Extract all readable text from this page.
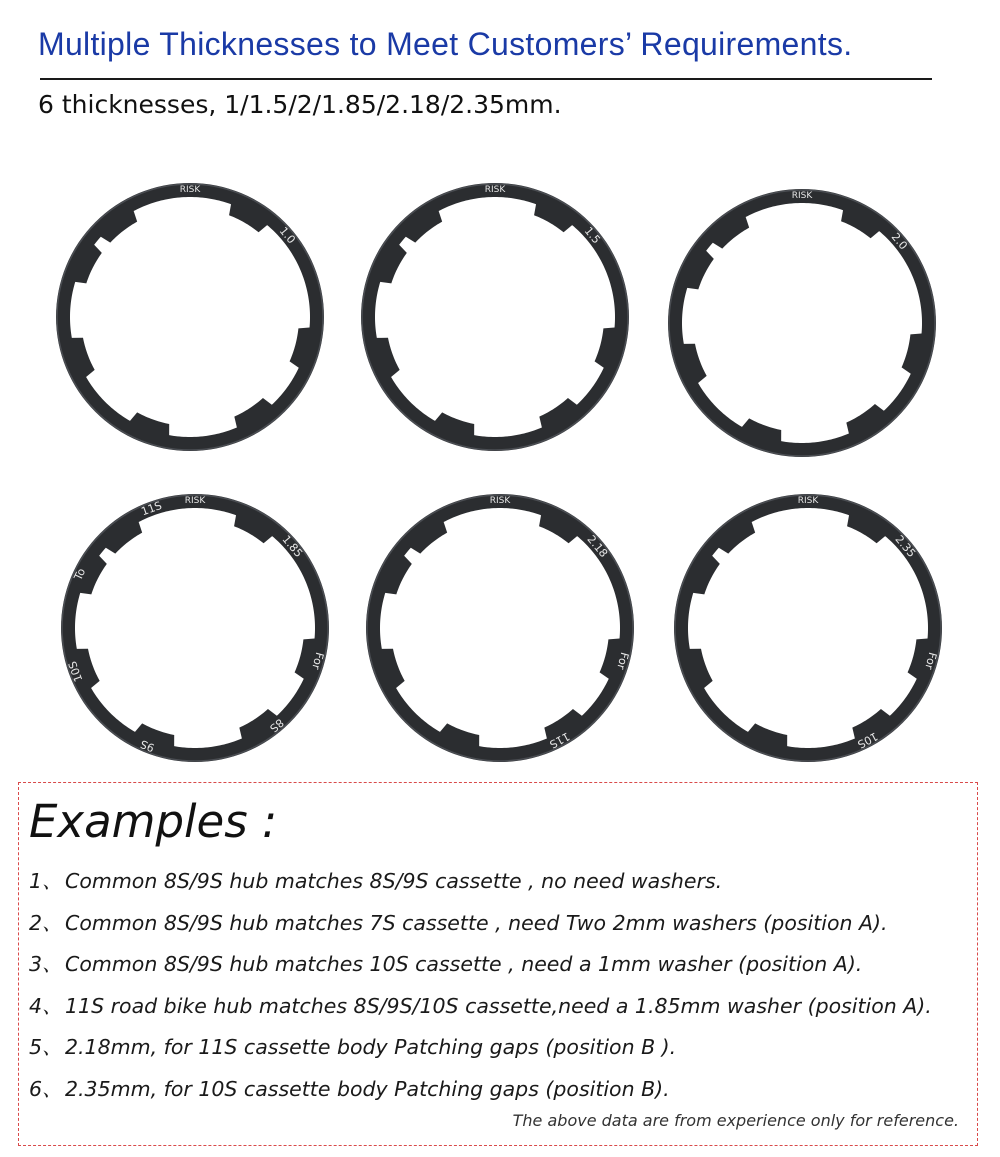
Multiple Thicknesses to Meet Customers’ Requirements.
6 thicknesses, 1/1.5/2/1.85/2.18/2.35mm.
RISK
1.0
RISK
1.5
RISK
2.0
RISK
1.85
For
8S
9S
10S
To
11S	RISK
2.18
For
11S
RISK
2.35
For
10S
Examples :
1、 Common 8S/9S hub matches 8S/9S cassette , no need washers.
2、 Common 8S/9S hub matches 7S cassette , need Two 2mm washers (position A).
3、 Common 8S/9S hub matches 10S cassette , need a 1mm washer (position A).
4、 11S road bike hub matches 8S/9S/10S cassette,need a 1.85mm washer (position A).
5、 2.18mm, for 11S cassette body Patching gaps (position B ).
6、 2.35mm, for 10S cassette body Patching gaps (position B).
The above data are from experience only for reference.
